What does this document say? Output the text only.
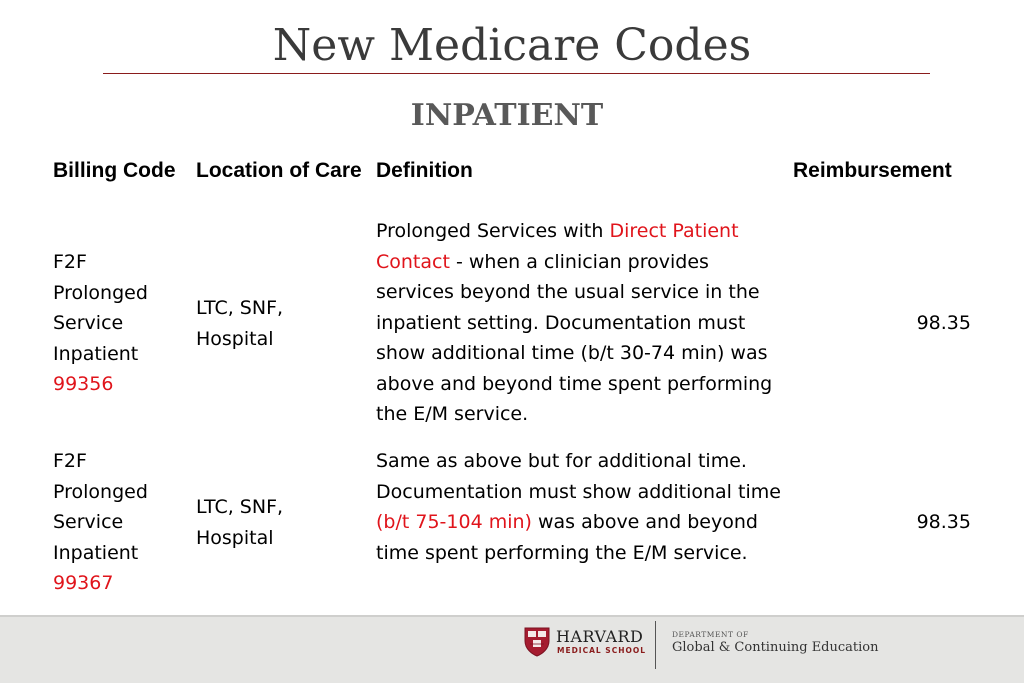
New Medicare Codes
INPATIENT
Billing Code Location of Care Definition	Reimbursement
F2F
Prolonged
Service
Inpatient
99356
LTC, SNF,
Hospital
Prolonged Services with Direct Patient Contact - when a clinician provides services beyond the usual service in the inpatient setting. Documentation must show additional time (b/t 30-74 min) was above and beyond time spent performing the E/M service.
98.35
F2F
Prolonged
Service
Inpatient
99367
LTC, SNF,
Hospital
Same as above but for additional time. Documentation must show additional time (b/t 75-104 min) was above and beyond time spent performing the E/M service.
98.35
HARVARD
MEDICAL SCHOOL
DEPARTMENT OF
Global & Continuing Education
